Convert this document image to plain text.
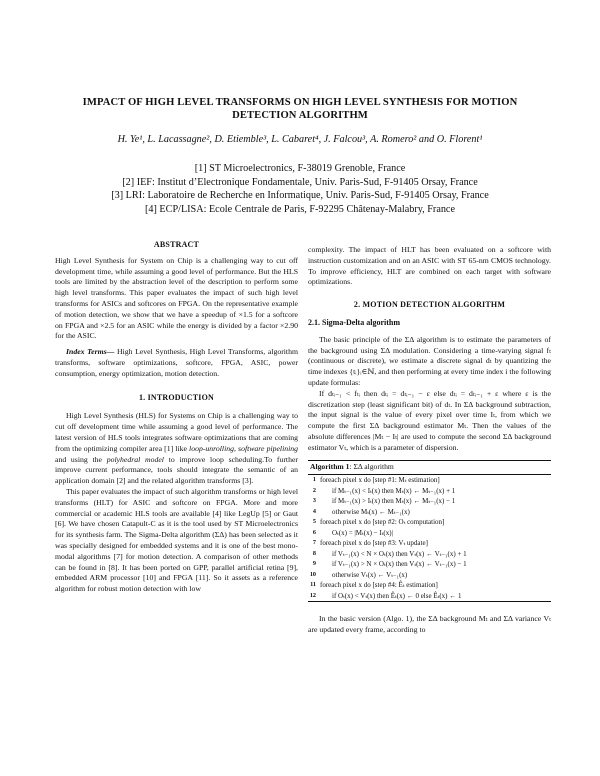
IMPACT OF HIGH LEVEL TRANSFORMS ON HIGH LEVEL SYNTHESIS FOR MOTION DETECTION ALGORITHM
H. Ye¹, L. Lacassagne², D. Etiemble³, L. Cabaret⁴, J. Falcou³, A. Romero² and O. Florent¹
[1] ST Microelectronics, F-38019 Grenoble, France
[2] IEF: Institut d’Electronique Fondamentale, Univ. Paris-Sud, F-91405 Orsay, France
[3] LRI: Laboratoire de Recherche en Informatique, Univ. Paris-Sud, F-91405 Orsay, France
[4] ECP/LISA: Ecole Centrale de Paris, F-92295 Châtenay-Malabry, France
ABSTRACT

High Level Synthesis for System on Chip is a challenging way to cut off development time, while assuming a good level of performance. But the HLS tools are limited by the abstraction level of the description to perform some high level transforms. This paper evaluates the impact of such high level transforms for ASICs and softcores on FPGA. On the representative example of motion detection, we show that we have a speedup of ×1.5 for a softcore on FPGA and ×2.5 for an ASIC while the energy is divided by a factor ×2.90 for the ASIC.

Index Terms— High Level Synthesis, High Level Transforms, algorithm transforms, software optimizations, softcore, FPGA, ASIC, power consumption, energy optimization, motion detection.

1. INTRODUCTION

High Level Synthesis (HLS) for Systems on Chip is a challenging way to cut off development time while assuming a good level of performance. The latest version of HLS tools integrates software optimizations that are coming from the optimizing compiler area [1] like loop-unrolling, software pipelining and using the polyhedral model to improve loop scheduling.To further improve current performance, tools should integrate the semantic of an application domain [2] and the related algorithm transforms [3].

This paper evaluates the impact of such algorithm transforms or high level transforms (HLT) for ASIC and softcore on FPGA. More and more commercial or academic HLS tools are available [4] like LegUp [5] or Gaut [6]. We have chosen Catapult-C as it is the tool used by ST Microelectronics for its synthesis farm. The Sigma-Delta algorithm (ΣΔ) has been selected as it was specially designed for embedded systems and it is one of the best mono-modal algorithms [7] for motion detection. A comparison of other methods can be found in [8]. It has been ported on GPP, parallel artificial retina [9], embedded ARM processor [10] and FPGA [11]. So it assets as a reference algorithm for robust motion detection with low

complexity. The impact of HLT has been evaluated on a softcore with instruction customization and on an ASIC with ST 65-nm CMOS technology. To improve efficiency, HLT are combined on each target with software optimizations.

2. MOTION DETECTION ALGORITHM
2.1. Sigma-Delta algorithm

The basic principle of the ΣΔ algorithm is to estimate the parameters of the background using ΣΔ modulation. Considering a time-varying signal fₜ (continuous or discrete), we estimate a discrete signal dₜ by quantizing the time indexes {tᵢ}ᵢ∈ℕ, and then performing at every time index i the following update formulas:

If dₜᵢ₋₁ < fₜᵢ then dₜᵢ = dₜᵢ₋₁ − ε else dₜᵢ = dₜᵢ₋₁ + ε where ε is the discretization step (least significant bit) of dₜ. In ΣΔ background subtraction, the input signal is the value of every pixel over time Iₜ, from which we compute the first ΣΔ background estimator Mₜ. Then the values of the absolute differences |Mₜ − Iₜ| are used to compute the second ΣΔ background estimator Vₜ, which is a parameter of dispersion.

Algorithm 1: ΣΔ algorithm
1 foreach pixel x do [step #1: Mₜ estimation]
2 if Mₜ₋₁(x) < Iₜ(x) then Mₜ(x) ← Mₜ₋₁(x) + 1
3 if Mₜ₋₁(x) > Iₜ(x) then Mₜ(x) ← Mₜ₋₁(x) − 1
4 otherwise Mₜ(x) ← Mₜ₋₁(x)
5 foreach pixel x do [step #2: Oₜ computation]
6 Oₜ(x) = |Mₜ(x) − Iₜ(x)|
7 foreach pixel x do [step #3: Vₜ update]
8 if Vₜ₋₁(x) < N × Oₜ(x) then Vₜ(x) ← Vₜ₋₁(x) + 1
9 if Vₜ₋₁(x) > N × Oₜ(x) then Vₜ(x) ← Vₜ₋₁(x) − 1
10 otherwise Vₜ(x) ← Vₜ₋₁(x)
11 foreach pixel x do [step #4: Êₜ estimation]
12 if Oₜ(x) < Vₜ(x) then Êₜ(x) ← 0 else Êₜ(x) ← 1

In the basic version (Algo. 1), the ΣΔ background Mₜ and ΣΔ variance Vₜ are updated every frame, according to
